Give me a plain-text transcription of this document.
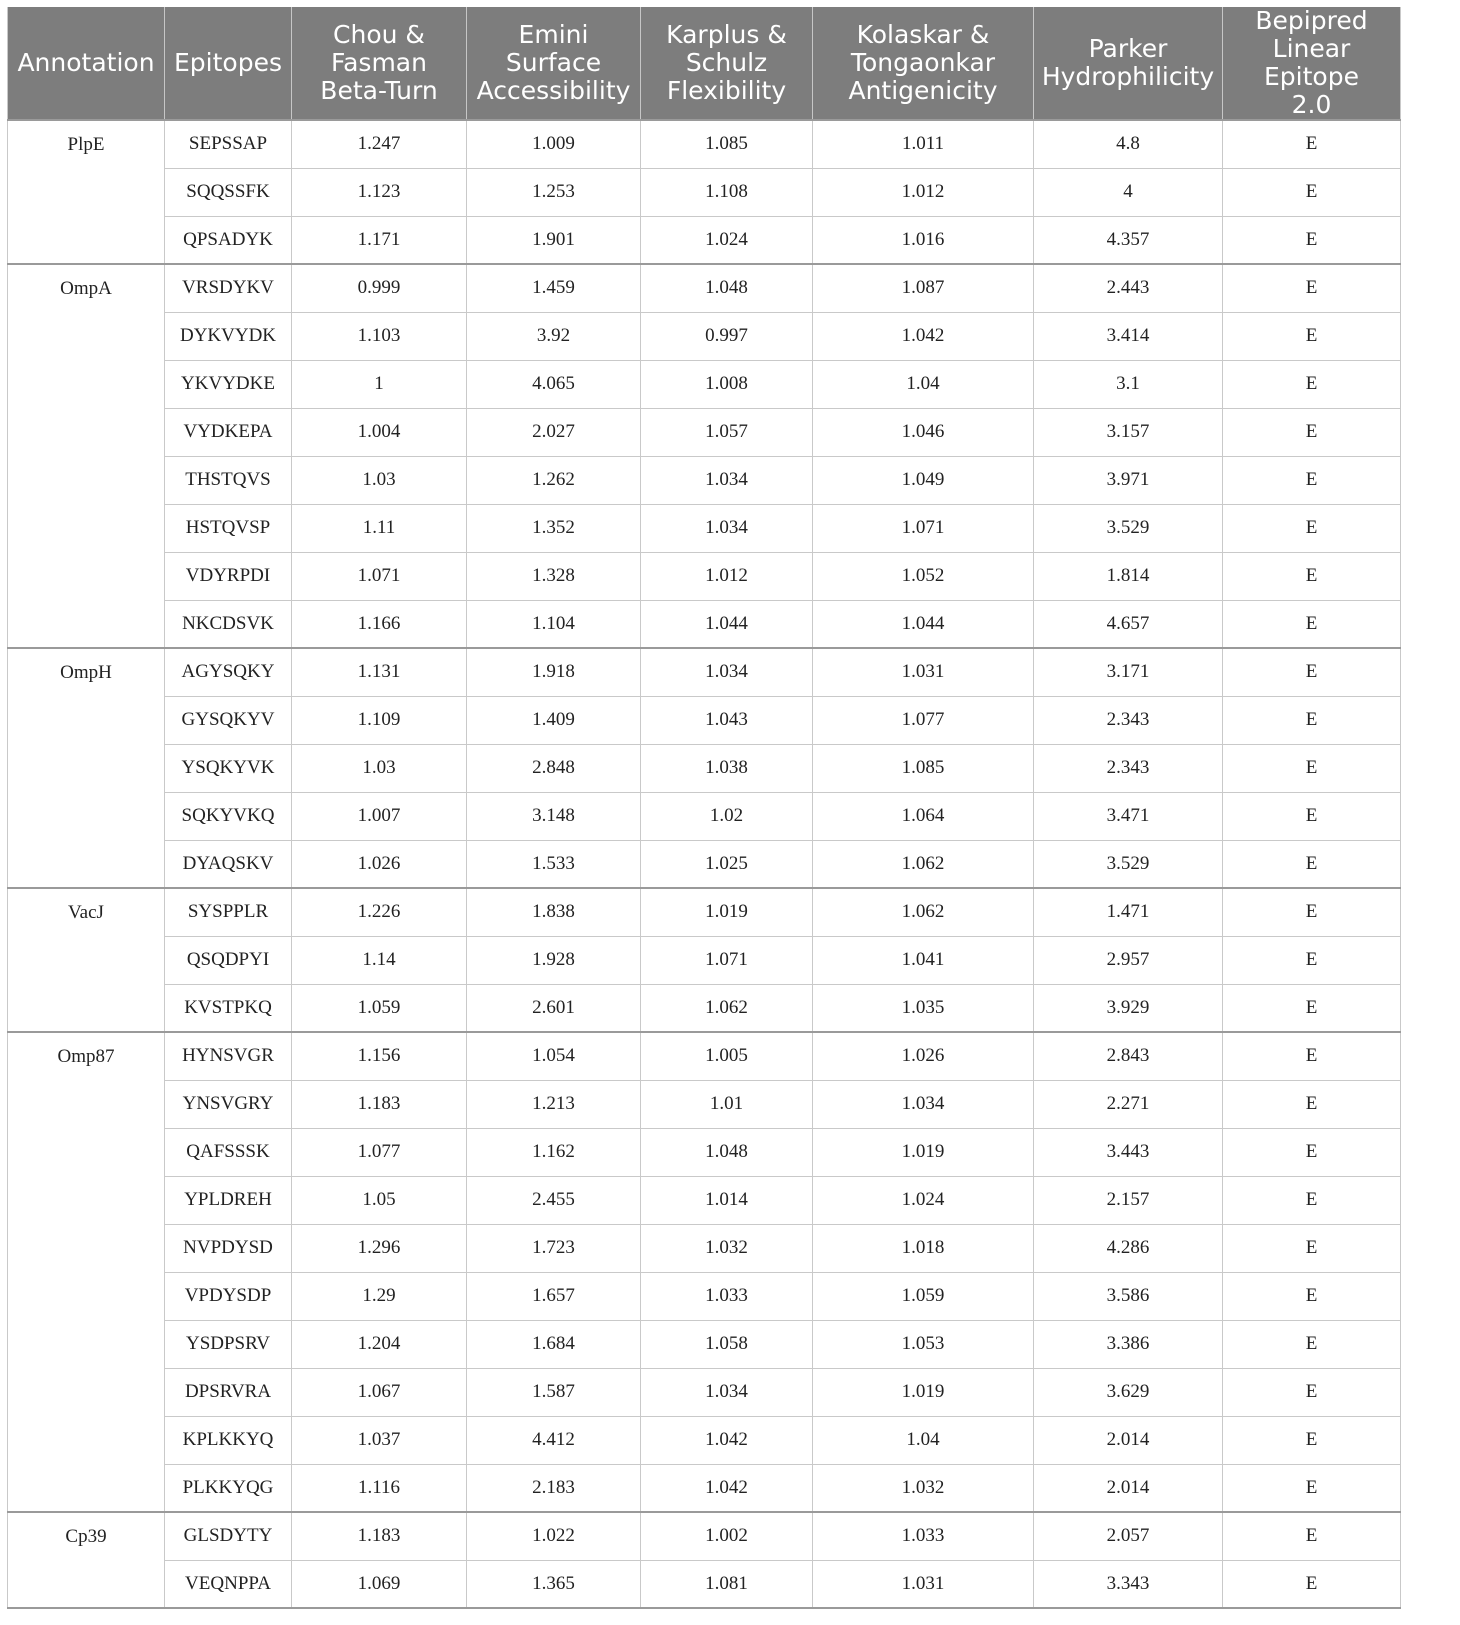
Annotation	Epitopes	Chou & Fasman Beta-Turn	Emini Surface Accessibility	Karplus & Schulz Flexibility	Kolaskar & Tongaonkar Antigenicity	Parker Hydrophilicity	Bepipred Linear Epitope 2.0
PlpE	SEPSSAP	1.247	1.009	1.085	1.011	4.8	E
	SQQSSFK	1.123	1.253	1.108	1.012	4	E
	QPSADYK	1.171	1.901	1.024	1.016	4.357	E
OmpA	VRSDYKV	0.999	1.459	1.048	1.087	2.443	E
	DYKVYDK	1.103	3.92	0.997	1.042	3.414	E
	YKVYDKE	1	4.065	1.008	1.04	3.1	E
	VYDKEPA	1.004	2.027	1.057	1.046	3.157	E
	THSTQVS	1.03	1.262	1.034	1.049	3.971	E
	HSTQVSP	1.11	1.352	1.034	1.071	3.529	E
	VDYRPDI	1.071	1.328	1.012	1.052	1.814	E
	NKCDSVK	1.166	1.104	1.044	1.044	4.657	E
OmpH	AGYSQKY	1.131	1.918	1.034	1.031	3.171	E
	GYSQKYV	1.109	1.409	1.043	1.077	2.343	E
	YSQKYVK	1.03	2.848	1.038	1.085	2.343	E
	SQKYVKQ	1.007	3.148	1.02	1.064	3.471	E
	DYAQSKV	1.026	1.533	1.025	1.062	3.529	E
VacJ	SYSPPLR	1.226	1.838	1.019	1.062	1.471	E
	QSQDPYI	1.14	1.928	1.071	1.041	2.957	E
	KVSTPKQ	1.059	2.601	1.062	1.035	3.929	E
Omp87	HYNSVGR	1.156	1.054	1.005	1.026	2.843	E
	YNSVGRY	1.183	1.213	1.01	1.034	2.271	E
	QAFSSSK	1.077	1.162	1.048	1.019	3.443	E
	YPLDREH	1.05	2.455	1.014	1.024	2.157	E
	NVPDYSD	1.296	1.723	1.032	1.018	4.286	E
	VPDYSDP	1.29	1.657	1.033	1.059	3.586	E
	YSDPSRV	1.204	1.684	1.058	1.053	3.386	E
	DPSRVRA	1.067	1.587	1.034	1.019	3.629	E
	KPLKKYQ	1.037	4.412	1.042	1.04	2.014	E
	PLKKYQG	1.116	2.183	1.042	1.032	2.014	E
Cp39	GLSDYTY	1.183	1.022	1.002	1.033	2.057	E
	VEQNPPA	1.069	1.365	1.081	1.031	3.343	E
